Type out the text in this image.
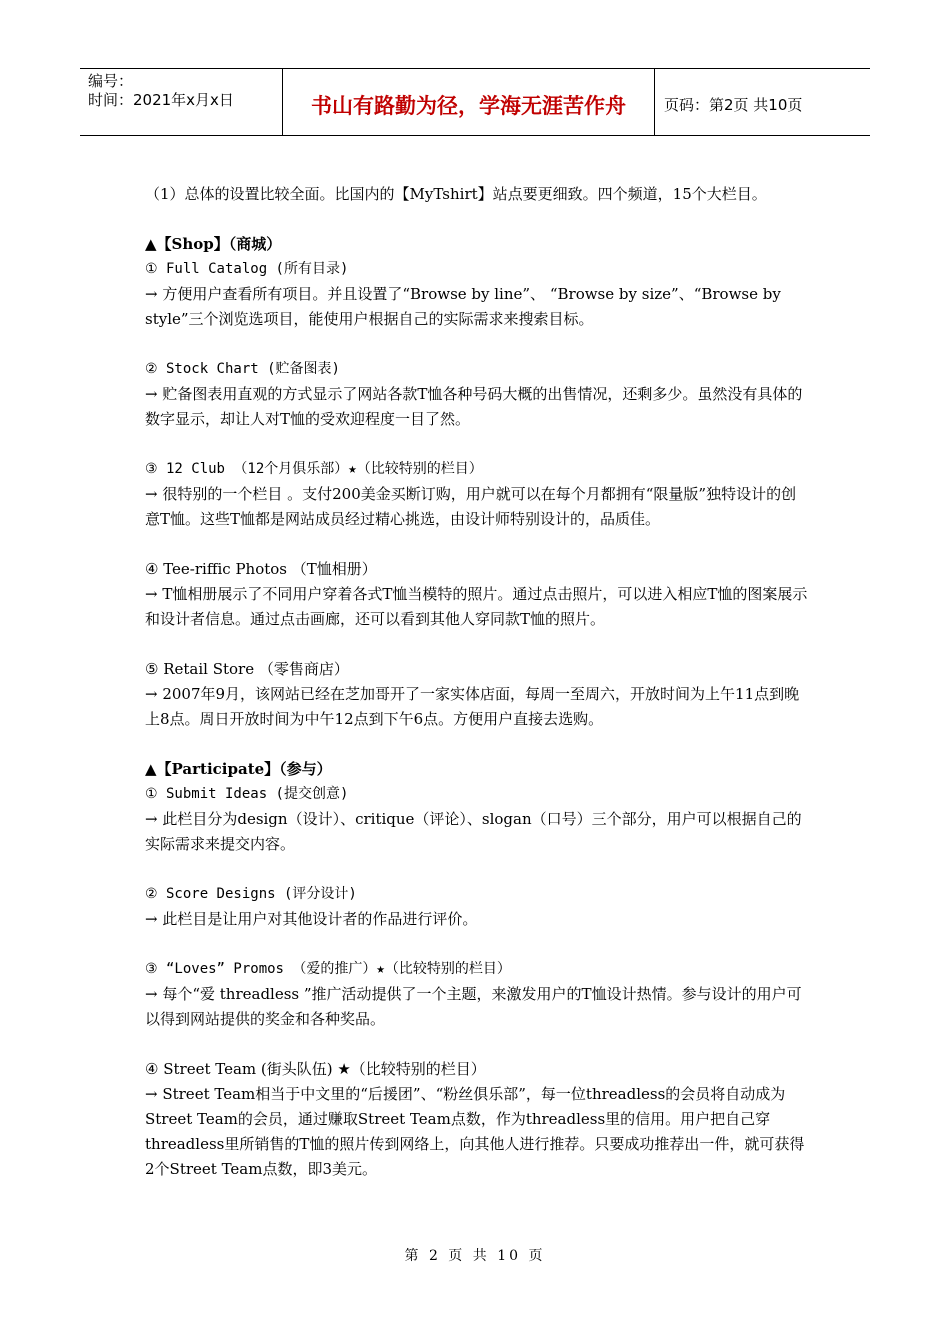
编号：
时间：2021年x月x日	书山有路勤为径，学海无涯苦作舟	页码：第2页 共10页

（1）总体的设置比较全面。比国内的【MyTshirt】站点要更细致。四个频道，15个大栏目。

▲【Shop】（商城）

① Full Catalog (所有目录)

→ 方便用户查看所有项目。并且设置了“Browse by line”、 “Browse by size”、“Browse by style”三个浏览选项目，能使用户根据自己的实际需求来搜索目标。

② Stock Chart (贮备图表)

→ 贮备图表用直观的方式显示了网站各款T恤各种号码大概的出售情况，还剩多少。虽然没有具体的数字显示，却让人对T恤的受欢迎程度一目了然。

③ 12 Club （12个月俱乐部）★（比较特别的栏目）

→ 很特别的一个栏目 。支付200美金买断订购，用户就可以在每个月都拥有“限量版”独特设计的创意T恤。这些T恤都是网站成员经过精心挑选，由设计师特别设计的，品质佳。

④ Tee-riffic Photos （T恤相册）

→ T恤相册展示了不同用户穿着各式T恤当模特的照片。通过点击照片，可以进入相应T恤的图案展示和设计者信息。通过点击画廊，还可以看到其他人穿同款T恤的照片。

⑤ Retail Store （零售商店）

→ 2007年9月，该网站已经在芝加哥开了一家实体店面，每周一至周六，开放时间为上午11点到晚上8点。周日开放时间为中午12点到下午6点。方便用户直接去选购。

▲【Participate】（参与）

① Submit Ideas (提交创意)

→ 此栏目分为design（设计）、critique（评论）、slogan（口号）三个部分，用户可以根据自己的实际需求来提交内容。

② Score Designs (评分设计)

→ 此栏目是让用户对其他设计者的作品进行评价。

③ “Loves” Promos （爱的推广）★（比较特别的栏目）

→ 每个“爱 threadless ”推广活动提供了一个主题，来激发用户的T恤设计热情。参与设计的用户可以得到网站提供的奖金和各种奖品。

④ Street Team (街头队伍) ★（比较特别的栏目）

→ Street Team相当于中文里的“后援团”、“粉丝俱乐部”，每一位threadless的会员将自动成为Street Team的会员，通过赚取Street Team点数，作为threadless里的信用。用户把自己穿threadless里所销售的T恤的照片传到网络上，向其他人进行推荐。只要成功推荐出一件，就可获得2个Street Team点数，即3美元。

第 2 页 共 10 页
